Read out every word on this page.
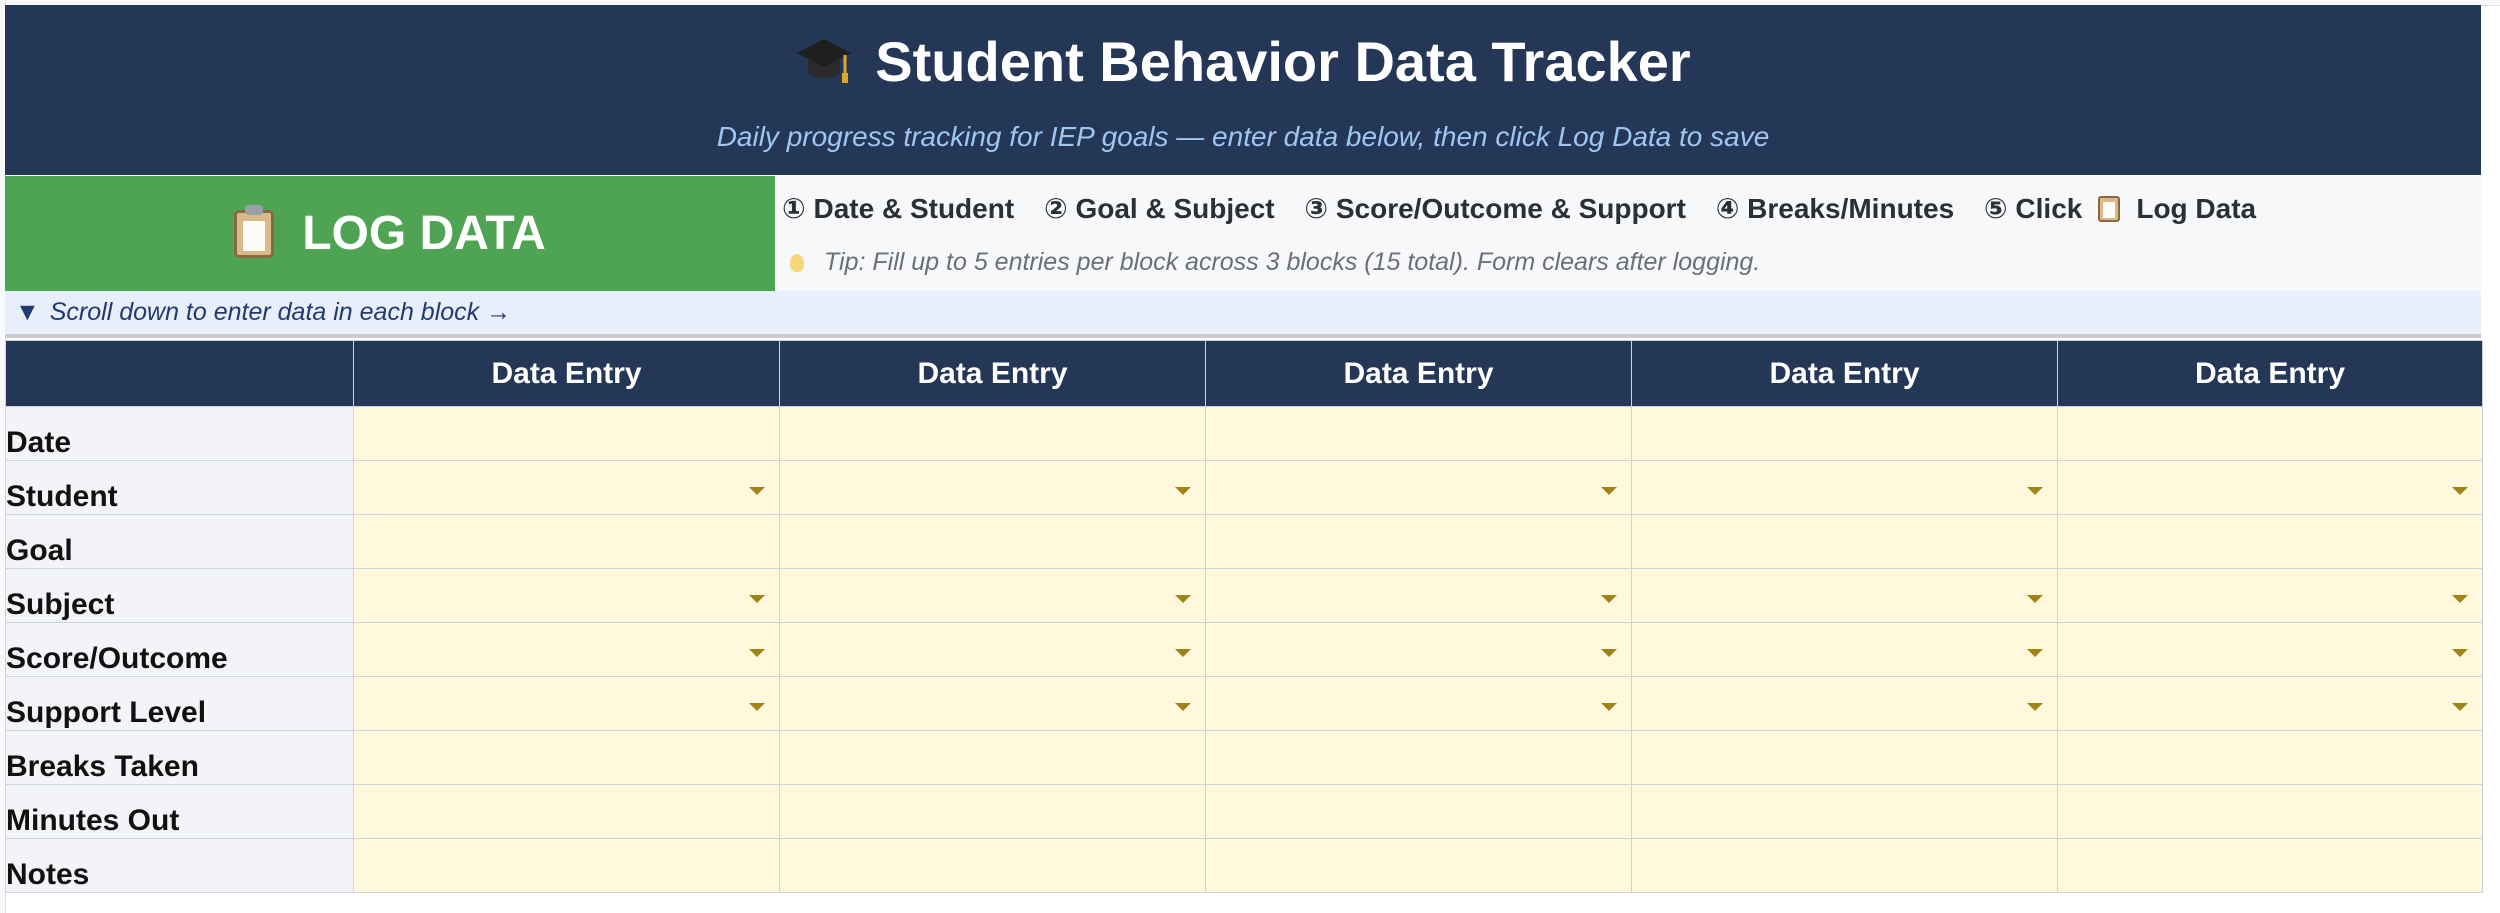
Student Behavior Data Tracker
Daily progress tracking for IEP goals — enter data below, then click Log Data to save
LOG DATA	① Date & Student ② Goal & Subject ③ Score/Outcome & Support ④ Breaks/Minutes ⑤ Click Log Data
Tip: Fill up to 5 entries per block across 3 blocks (15 total). Form clears after logging.
▼ Scroll down to enter data in each block →
	Data Entry	Data Entry	Data Entry	Data Entry	Data Entry
Date					
Student	

Goal					
Subject	

Score/Outcome	

Support Level	

Breaks Taken					
Minutes Out					
Notes					
